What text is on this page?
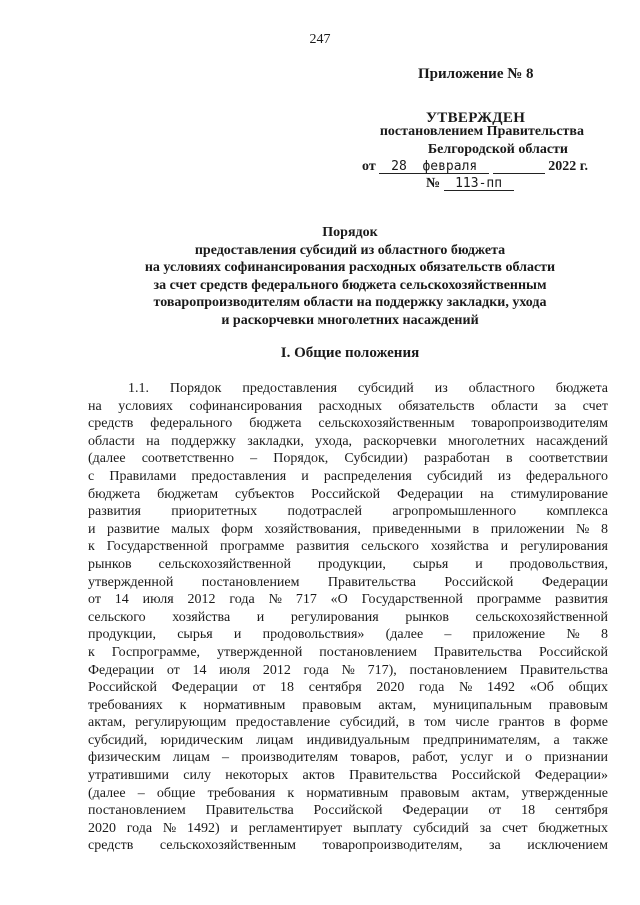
247
Приложение № 8
УТВЕРЖДЕН
постановлением Правительства
Белгородской области
от 28 февраля	2022 г.
№ 113-пп
Порядок
предоставления субсидий из областного бюджета
на условиях софинансирования расходных обязательств области
за счет средств федерального бюджета сельскохозяйственным
товаропроизводителям области на поддержку закладки, ухода
и раскорчевки многолетних насаждений
I. Общие положения
1.1. Порядок предоставления субсидий из областного бюджета
на условиях софинансирования расходных обязательств области за счет
средств федерального бюджета сельскохозяйственным товаропроизводителям
области на поддержку закладки, ухода, раскорчевки многолетних насаждений
(далее соответственно – Порядок, Субсидии) разработан в соответствии
с Правилами предоставления и распределения субсидий из федерального
бюджета бюджетам субъектов Российской Федерации на стимулирование
развития приоритетных подотраслей агропромышленного комплекса
и развитие малых форм хозяйствования, приведенными в приложении № 8
к Государственной программе развития сельского хозяйства и регулирования
рынков сельскохозяйственной продукции, сырья и продовольствия,
утвержденной постановлением Правительства Российской Федерации
от 14 июля 2012 года № 717 «О Государственной программе развития
сельского хозяйства и регулирования рынков сельскохозяйственной
продукции, сырья и продовольствия» (далее – приложение № 8
к Госпрограмме, утвержденной постановлением Правительства Российской
Федерации от 14 июля 2012 года № 717), постановлением Правительства
Российской Федерации от 18 сентября 2020 года № 1492 «Об общих
требованиях к нормативным правовым актам, муниципальным правовым
актам, регулирующим предоставление субсидий, в том числе грантов в форме
субсидий, юридическим лицам индивидуальным предпринимателям, а также
физическим лицам – производителям товаров, работ, услуг и о признании
утратившими силу некоторых актов Правительства Российской Федерации»
(далее – общие требования к нормативным правовым актам, утвержденные
постановлением Правительства Российской Федерации от 18 сентября
2020 года № 1492) и регламентирует выплату субсидий за счет бюджетных
средств сельскохозяйственным товаропроизводителям, за исключением
